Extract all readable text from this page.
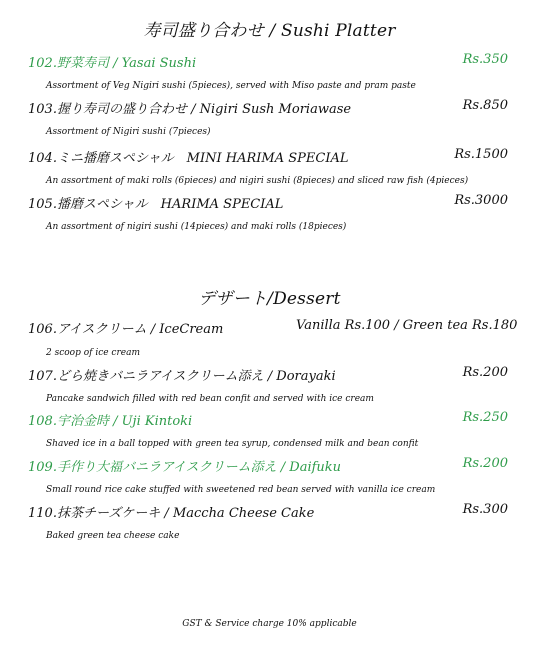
寿司盛り合わせ / Sushi Platter
102.野菜寿司 / Yasai Sushi	Rs.350
Assortment of Veg Nigiri sushi (5pieces), served with Miso paste and pram paste
103.握り寿司の盛り合わせ / Nigiri Sush Moriawase	Rs.850
Assortment of Nigiri sushi (7pieces)
104.ミニ播磨スペシャル　MINI HARIMA SPECIAL	Rs.1500
An assortment of maki rolls (6pieces) and nigiri sushi (8pieces) and sliced raw fish (4pieces)
105.播磨スペシャル　HARIMA SPECIAL	Rs.3000
An assortment of nigiri sushi (14pieces) and maki rolls (18pieces)
デザート/Dessert
106.アイスクリーム / IceCream	Vanilla Rs.100 / Green tea Rs.180
2 scoop of ice cream
107.どら焼きバニラアイスクリーム添え / Dorayaki	Rs.200
Pancake sandwich filled with red bean confit and served with ice cream
108.宇治金時 / Uji Kintoki	Rs.250
Shaved ice in a ball topped with green tea syrup, condensed milk and bean confit
109.手作り大福バニラアイスクリーム添え / Daifuku	Rs.200
Small round rice cake stuffed with sweetened red bean served with vanilla ice cream
110.抹茶チーズケーキ / Maccha Cheese Cake	Rs.300
Baked green tea cheese cake
GST & Service charge 10% applicable
